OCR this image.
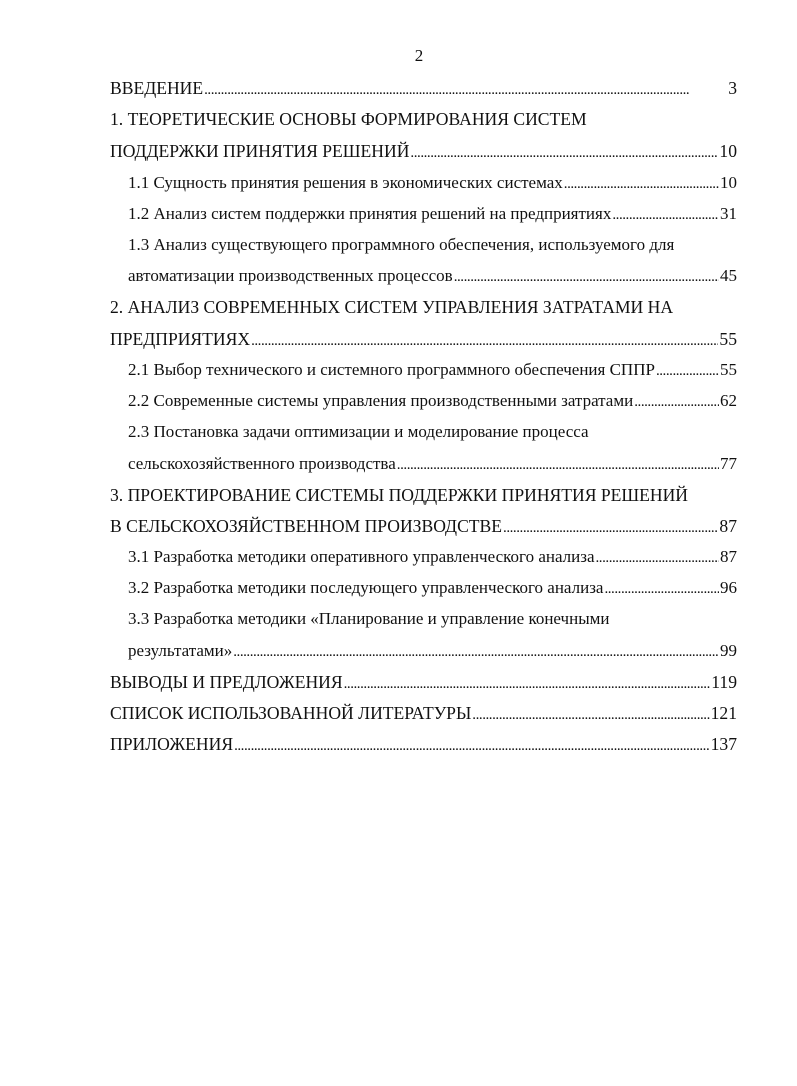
2
ВВЕДЕНИЕ . . .	3
1. ТЕОРЕТИЧЕСКИЕ ОСНОВЫ ФОРМИРОВАНИЯ СИСТЕМ
ПОДДЕРЖКИ ПРИНЯТИЯ РЕШЕНИЙ . . .	10
1.1 Сущность принятия решения в экономических системах . . .	10
1.2 Анализ систем поддержки принятия решений на предприятиях . . .	31
1.3 Анализ существующего программного обеспечения, используемого для
автоматизации производственных процессов . . .	45
2. АНАЛИЗ СОВРЕМЕННЫХ СИСТЕМ УПРАВЛЕНИЯ ЗАТРАТАМИ НА
ПРЕДПРИЯТИЯХ . . .	55
2.1 Выбор технического и системного программного обеспечения СППР . . .	55
2.2 Современные системы управления производственными затратами . . .	62
2.3 Постановка задачи оптимизации и моделирование процесса
сельскохозяйственного производства . . .	77
3. ПРОЕКТИРОВАНИЕ СИСТЕМЫ ПОДДЕРЖКИ ПРИНЯТИЯ РЕШЕНИЙ
В СЕЛЬСКОХОЗЯЙСТВЕННОМ ПРОИЗВОДСТВЕ . . .	87
3.1 Разработка методики оперативного управленческого анализа . . .	87
3.2 Разработка методики последующего управленческого анализа . . .	96
3.3 Разработка методики «Планирование и управление конечными
результатами» . . .	99
ВЫВОДЫ И ПРЕДЛОЖЕНИЯ . . .	119
СПИСОК ИСПОЛЬЗОВАННОЙ ЛИТЕРАТУРЫ . . .	121
ПРИЛОЖЕНИЯ . . .	137
